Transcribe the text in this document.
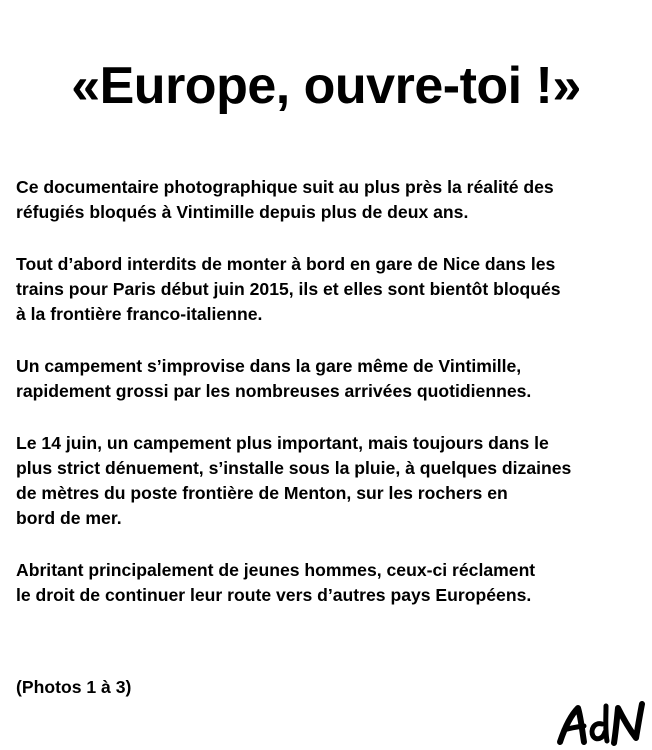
«Europe, ouvre-toi !»

Ce documentaire photographique suit au plus près la réalité des
réfugiés bloqués à Vintimille depuis plus de deux ans.

Tout d’abord interdits de monter à bord en gare de Nice dans les
trains pour Paris début juin 2015, ils et elles sont bientôt bloqués
à la frontière franco-italienne.

Un campement s’improvise dans la gare même de Vintimille,
rapidement grossi par les nombreuses arrivées quotidiennes.

Le 14 juin, un campement plus important, mais toujours dans le
plus strict dénuement, s’installe sous la pluie, à quelques dizaines
de mètres du poste frontière de Menton, sur les rochers en
bord de mer.

Abritant principalement de jeunes hommes, ceux-ci réclament
le droit de continuer leur route vers d’autres pays Européens.

(Photos 1 à 3)
